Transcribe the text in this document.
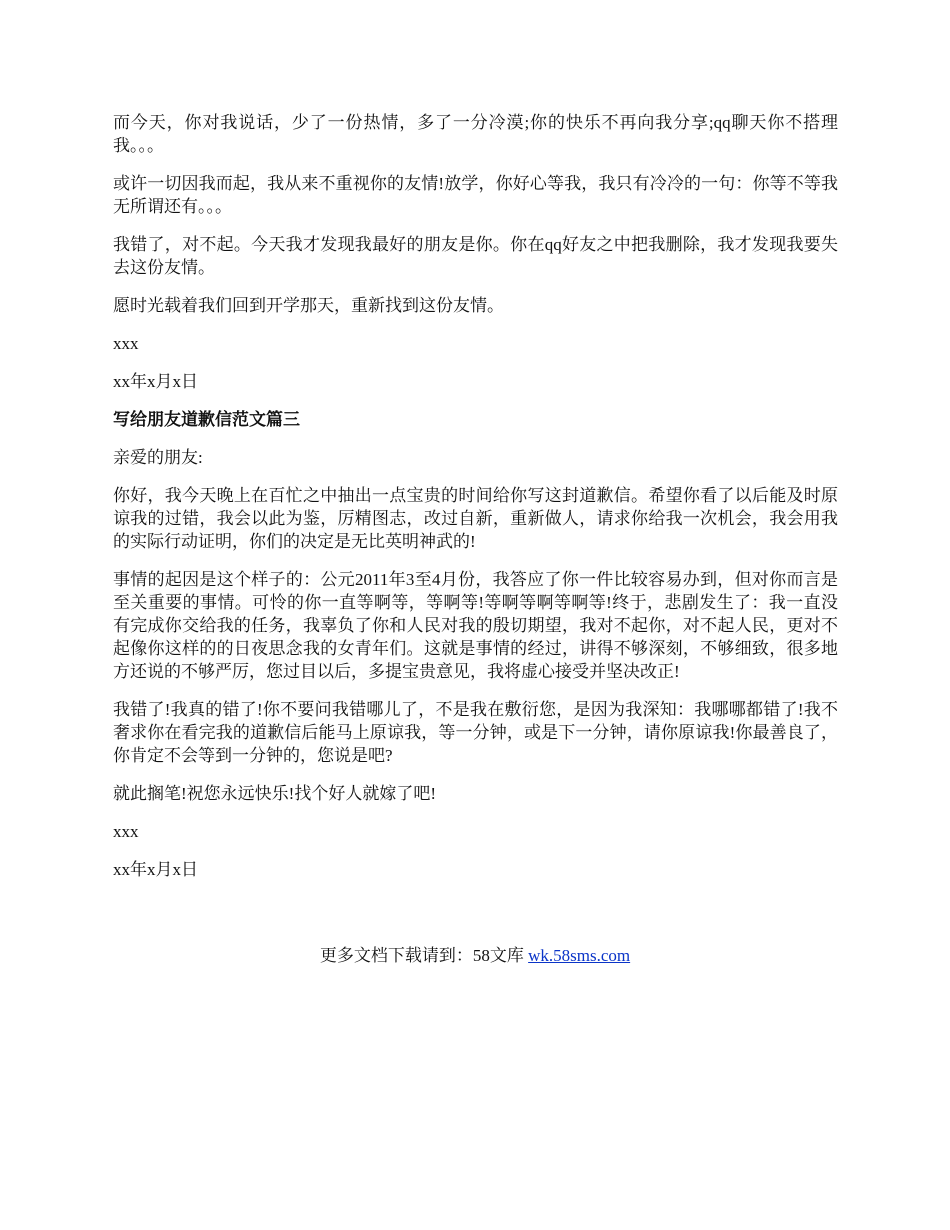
而今天，你对我说话，少了一份热情，多了一分冷漠;你的快乐不再向我分享;qq聊天你不搭理我。。。

或许一切因我而起，我从来不重视你的友情!放学，你好心等我，我只有冷冷的一句：你等不等我无所谓还有。。。

我错了，对不起。今天我才发现我最好的朋友是你。你在qq好友之中把我删除，我才发现我要失去这份友情。

愿时光载着我们回到开学那天，重新找到这份友情。

xxx

xx年x月x日

写给朋友道歉信范文篇三

亲爱的朋友:

你好，我今天晚上在百忙之中抽出一点宝贵的时间给你写这封道歉信。希望你看了以后能及时原谅我的过错，我会以此为鉴，厉精图志，改过自新，重新做人，请求你给我一次机会，我会用我的实际行动证明，你们的决定是无比英明神武的!

事情的起因是这个样子的：公元2011年3至4月份，我答应了你一件比较容易办到，但对你而言是至关重要的事情。可怜的你一直等啊等，等啊等!等啊等啊等啊等!终于，悲剧发生了：我一直没有完成你交给我的任务，我辜负了你和人民对我的殷切期望，我对不起你，对不起人民，更对不起像你这样的的日夜思念我的女青年们。这就是事情的经过，讲得不够深刻，不够细致，很多地方还说的不够严厉，您过目以后，多提宝贵意见，我将虚心接受并坚决改正!

我错了!我真的错了!你不要问我错哪儿了，不是我在敷衍您，是因为我深知：我哪哪都错了!我不奢求你在看完我的道歉信后能马上原谅我，等一分钟，或是下一分钟，请你原谅我!你最善良了，你肯定不会等到一分钟的，您说是吧?

就此搁笔!祝您永远快乐!找个好人就嫁了吧!

xxx

xx年x月x日

更多文档下载请到：58文库 wk.58sms.com
